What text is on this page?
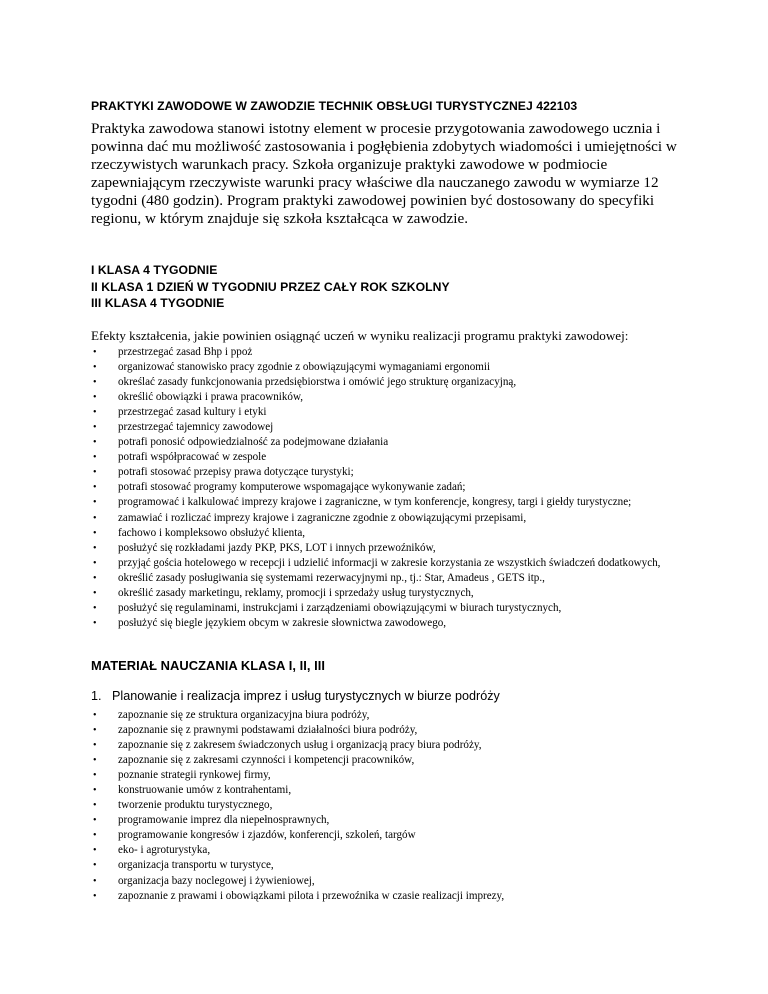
PRAKTYKI ZAWODOWE W ZAWODZIE TECHNIK OBSŁUGI TURYSTYCZNEJ 422103

Praktyka zawodowa stanowi istotny element w procesie przygotowania zawodowego ucznia i powinna dać mu możliwość zastosowania i pogłębienia zdobytych wiadomości i umiejętności w rzeczywistych warunkach pracy. Szkoła organizuje praktyki zawodowe w podmiocie zapewniającym rzeczywiste warunki pracy właściwe dla nauczanego zawodu w wymiarze 12 tygodni (480 godzin). Program praktyki zawodowej powinien być dostosowany do specyfiki regionu, w którym znajduje się szkoła kształcąca w zawodzie.

I KLASA 4 TYGODNIE
II KLASA 1 DZIEŃ W TYGODNIU PRZEZ CAŁY ROK SZKOLNY
III KLASA 4 TYGODNIE

Efekty kształcenia, jakie powinien osiągnąć uczeń w wyniku realizacji programu praktyki zawodowej:

• przestrzegać zasad Bhp i ppoż
• organizować stanowisko pracy zgodnie z obowiązującymi wymaganiami ergonomii
• określać zasady funkcjonowania przedsiębiorstwa i omówić jego strukturę organizacyjną,
• określić obowiązki i prawa pracowników,
• przestrzegać zasad kultury i etyki
• przestrzegać tajemnicy zawodowej
• potrafi ponosić odpowiedzialność za podejmowane działania
• potrafi współpracować w zespole
• potrafi stosować przepisy prawa dotyczące turystyki;
• potrafi stosować programy komputerowe wspomagające wykonywanie zadań;
• programować i kalkulować imprezy krajowe i zagraniczne, w tym konferencje, kongresy, targi i giełdy turystyczne;
• zamawiać i rozliczać imprezy krajowe i zagraniczne zgodnie z obowiązującymi przepisami,
• fachowo i kompleksowo obsłużyć klienta,
• posłużyć się rozkładami jazdy PKP, PKS, LOT i innych przewoźników,
• przyjąć gościa hotelowego w recepcji i udzielić informacji w zakresie korzystania ze wszystkich świadczeń dodatkowych,
• określić zasady posługiwania się systemami rezerwacyjnymi np., tj.: Star, Amadeus , GETS itp.,
• określić zasady marketingu, reklamy, promocji i sprzedaży usług turystycznych,
• posłużyć się regulaminami, instrukcjami i zarządzeniami obowiązującymi w biurach turystycznych,
• posłużyć się biegle językiem obcym w zakresie słownictwa zawodowego,
MATERIAŁ NAUCZANIA KLASA I, II, III

1. Planowanie i realizacja imprez i usług turystycznych w biurze podróży

• zapoznanie się ze struktura organizacyjna biura podróży,
• zapoznanie się z prawnymi podstawami działalności biura podróży,
• zapoznanie się z zakresem świadczonych usług i organizacją pracy biura podróży,
• zapoznanie się z zakresami czynności i kompetencji pracowników,
• poznanie strategii rynkowej firmy,
• konstruowanie umów z kontrahentami,
• tworzenie produktu turystycznego,
• programowanie imprez dla niepełnosprawnych,
• programowanie kongresów i zjazdów, konferencji, szkoleń, targów
• eko- i agroturystyka,
• organizacja transportu w turystyce,
• organizacja bazy noclegowej i żywieniowej,
• zapoznanie z prawami i obowiązkami pilota i przewoźnika w czasie realizacji imprezy,
